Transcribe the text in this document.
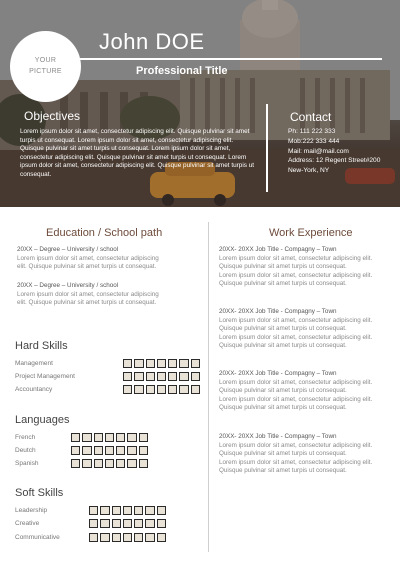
YOUR
PICTURE
John DOE
Professional Title
Objectives
Lorem ipsum dolor sit amet, consectetur adipiscing elit. Quisque pulvinar sit amet turpis ut consequat. Lorem ipsum dolor sit amet, consectetur adipiscing elit. Quisque pulvinar sit amet turpis ut consequat. Lorem ipsum dolor sit amet, consectetur adipiscing elit. Quisque pulvinar sit amet turpis ut consequat. Lorem ipsum dolor sit amet, consectetur adipiscing elit. Quisque pulvinar sit amet turpis ut consequat.
Contact
Ph: 111 222 333
Mob:222 333 444
Mail: mail@mail.com
Address: 12 Regent Street#200
New-York, NY
Education / School path
20XX – Degree – University / school
Lorem ipsum dolor sit amet, consectetur adipiscing
elit. Quisque pulvinar sit amet turpis ut consequat.
20XX – Degree – University / school
Lorem ipsum dolor sit amet, consectetur adipiscing
elit. Quisque pulvinar sit amet turpis ut consequat.
Hard Skills
Management
Project Management
Accountancy
Languages
French
Deutch
Spanish
Soft Skills
Leadership
Creative
Communicative
Work Experience
20XX- 20XX Job Title - Compagny – Town
Lorem ipsum dolor sit amet, consectetur adipiscing elit.
Quisque pulvinar sit amet turpis ut consequat.
Lorem ipsum dolor sit amet, consectetur adipiscing elit.
Quisque pulvinar sit amet turpis ut consequat.
20XX- 20XX Job Title - Compagny – Town
Lorem ipsum dolor sit amet, consectetur adipiscing elit.
Quisque pulvinar sit amet turpis ut consequat.
Lorem ipsum dolor sit amet, consectetur adipiscing elit.
Quisque pulvinar sit amet turpis ut consequat.
20XX- 20XX Job Title - Compagny – Town
Lorem ipsum dolor sit amet, consectetur adipiscing elit.
Quisque pulvinar sit amet turpis ut consequat.
Lorem ipsum dolor sit amet, consectetur adipiscing elit.
Quisque pulvinar sit amet turpis ut consequat.
20XX- 20XX Job Title - Compagny – Town
Lorem ipsum dolor sit amet, consectetur adipiscing elit.
Quisque pulvinar sit amet turpis ut consequat.
Lorem ipsum dolor sit amet, consectetur adipiscing elit.
Quisque pulvinar sit amet turpis ut consequat.
